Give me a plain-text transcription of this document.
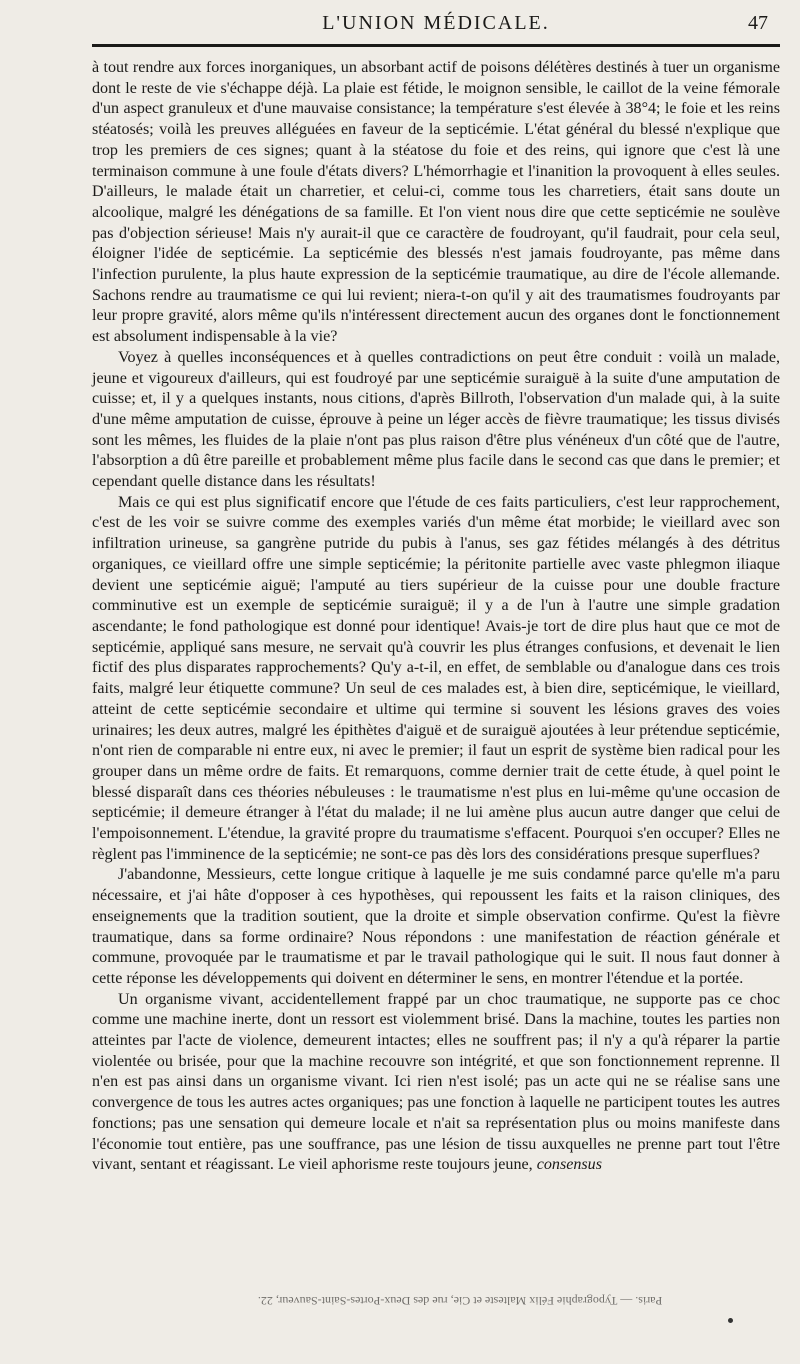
L'UNION MÉDICALE.	47

à tout rendre aux forces inorganiques, un absorbant actif de poisons délétères destinés à tuer un organisme dont le reste de vie s'échappe déjà. La plaie est fétide, le moignon sensible, le caillot de la veine fémorale d'un aspect granuleux et d'une mauvaise consistance; la température s'est élevée à 38°4; le foie et les reins stéatosés; voilà les preuves alléguées en faveur de la septicémie. L'état général du blessé n'explique que trop les premiers de ces signes; quant à la stéatose du foie et des reins, qui ignore que c'est là une terminaison commune à une foule d'états divers? L'hémorrhagie et l'inanition la provoquent à elles seules. D'ailleurs, le malade était un charretier, et celui-ci, comme tous les charretiers, était sans doute un alcoolique, malgré les dénégations de sa famille. Et l'on vient nous dire que cette septicémie ne soulève pas d'objection sérieuse! Mais n'y aurait-il que ce caractère de foudroyant, qu'il faudrait, pour cela seul, éloigner l'idée de septicémie. La septicémie des blessés n'est jamais foudroyante, pas même dans l'infection purulente, la plus haute expression de la septicémie traumatique, au dire de l'école allemande. Sachons rendre au traumatisme ce qui lui revient; niera-t-on qu'il y ait des traumatismes foudroyants par leur propre gravité, alors même qu'ils n'intéressent directement aucun des organes dont le fonctionnement est absolument indispensable à la vie?

Voyez à quelles inconséquences et à quelles contradictions on peut être conduit : voilà un malade, jeune et vigoureux d'ailleurs, qui est foudroyé par une septicémie suraiguë à la suite d'une amputation de cuisse; et, il y a quelques instants, nous citions, d'après Billroth, l'observation d'un malade qui, à la suite d'une même amputation de cuisse, éprouve à peine un léger accès de fièvre traumatique; les tissus divisés sont les mêmes, les fluides de la plaie n'ont pas plus raison d'être plus vénéneux d'un côté que de l'autre, l'absorption a dû être pareille et probablement même plus facile dans le second cas que dans le premier; et cependant quelle distance dans les résultats!

Mais ce qui est plus significatif encore que l'étude de ces faits particuliers, c'est leur rapprochement, c'est de les voir se suivre comme des exemples variés d'un même état morbide; le vieillard avec son infiltration urineuse, sa gangrène putride du pubis à l'anus, ses gaz fétides mélangés à des détritus organiques, ce vieillard offre une simple septicémie; la péritonite partielle avec vaste phlegmon iliaque devient une septicémie aiguë; l'amputé au tiers supérieur de la cuisse pour une double fracture comminutive est un exemple de septicémie suraiguë; il y a de l'un à l'autre une simple gradation ascendante; le fond pathologique est donné pour identique! Avais-je tort de dire plus haut que ce mot de septicémie, appliqué sans mesure, ne servait qu'à couvrir les plus étranges confusions, et devenait le lien fictif des plus disparates rapprochements? Qu'y a-t-il, en effet, de semblable ou d'analogue dans ces trois faits, malgré leur étiquette commune? Un seul de ces malades est, à bien dire, septicémique, le vieillard, atteint de cette septicémie secondaire et ultime qui termine si souvent les lésions graves des voies urinaires; les deux autres, malgré les épithètes d'aiguë et de suraiguë ajoutées à leur prétendue septicémie, n'ont rien de comparable ni entre eux, ni avec le premier; il faut un esprit de système bien radical pour les grouper dans un même ordre de faits. Et remarquons, comme dernier trait de cette étude, à quel point le blessé disparaît dans ces théories nébuleuses : le traumatisme n'est plus en lui-même qu'une occasion de septicémie; il demeure étranger à l'état du malade; il ne lui amène plus aucun autre danger que celui de l'empoisonnement. L'étendue, la gravité propre du traumatisme s'effacent. Pourquoi s'en occuper? Elles ne règlent pas l'imminence de la septicémie; ne sont-ce pas dès lors des considérations presque superflues?

J'abandonne, Messieurs, cette longue critique à laquelle je me suis condamné parce qu'elle m'a paru nécessaire, et j'ai hâte d'opposer à ces hypothèses, qui repoussent les faits et la raison cliniques, des enseignements que la tradition soutient, que la droite et simple observation confirme. Qu'est la fièvre traumatique, dans sa forme ordinaire? Nous répondons : une manifestation de réaction générale et commune, provoquée par le traumatisme et par le travail pathologique qui le suit. Il nous faut donner à cette réponse les développements qui doivent en déterminer le sens, en montrer l'étendue et la portée.

Un organisme vivant, accidentellement frappé par un choc traumatique, ne supporte pas ce choc comme une machine inerte, dont un ressort est violemment brisé. Dans la machine, toutes les parties non atteintes par l'acte de violence, demeurent intactes; elles ne souffrent pas; il n'y a qu'à réparer la partie violentée ou brisée, pour que la machine recouvre son intégrité, et que son fonctionnement reprenne. Il n'en est pas ainsi dans un organisme vivant. Ici rien n'est isolé; pas un acte qui ne se réalise sans une convergence de tous les autres actes organiques; pas une fonction à laquelle ne participent toutes les autres fonctions; pas une sensation qui demeure locale et n'ait sa représentation plus ou moins manifeste dans l'économie tout entière, pas une souffrance, pas une lésion de tissu auxquelles ne prenne part tout l'être vivant, sentant et réagissant. Le vieil aphorisme reste toujours jeune, consensus

Paris. — Typographie Félix Malteste et Cie, rue des Deux-Portes-Saint-Sauveur, 22.
